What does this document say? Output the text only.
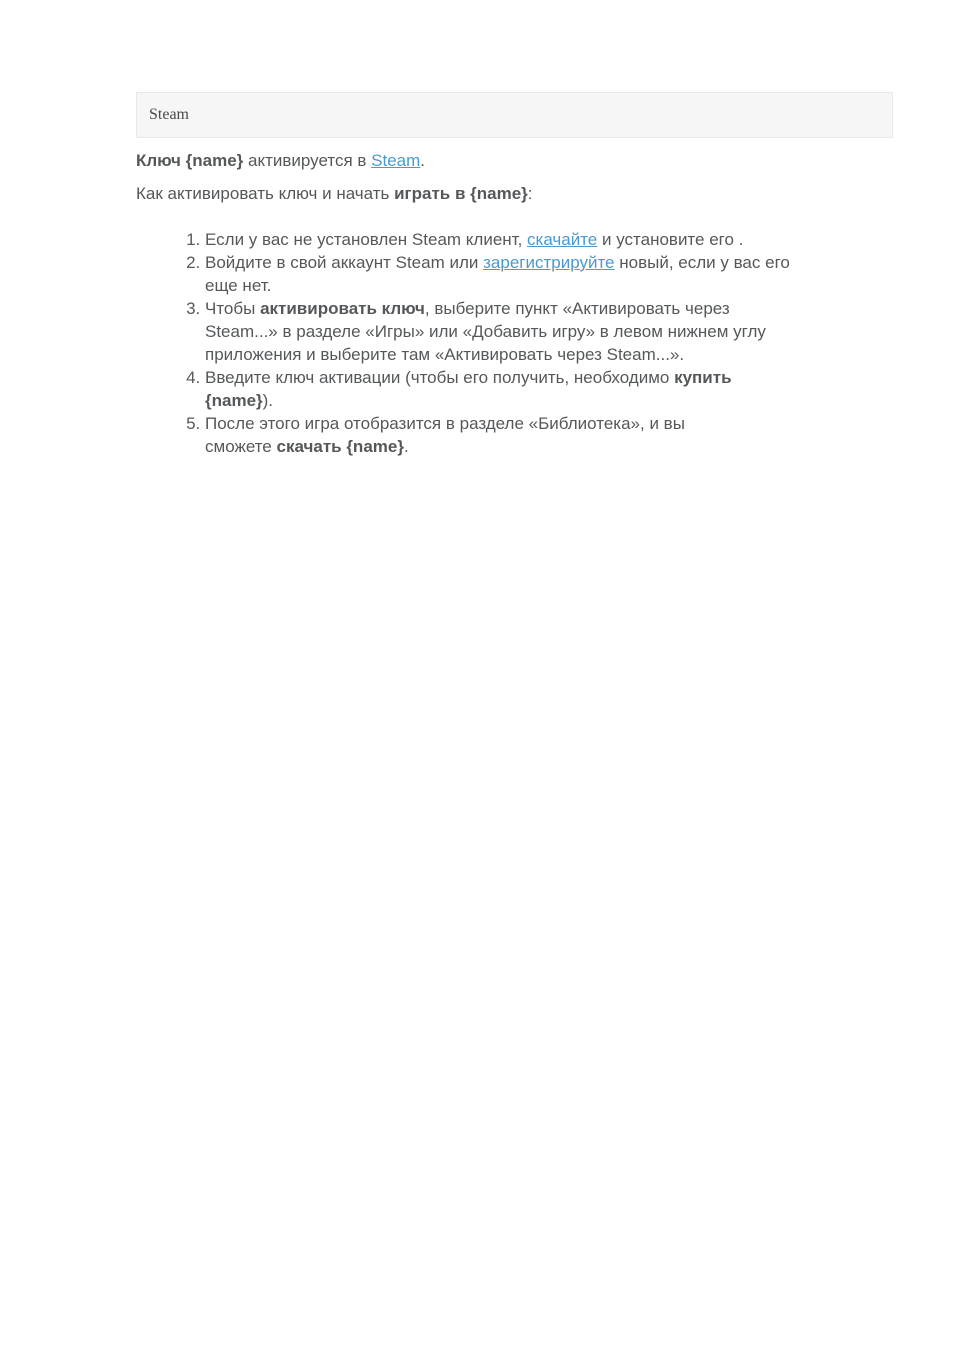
Steam

Ключ {name} активируется в Steam.

Как активировать ключ и начать играть в {name}:

1. Если у вас не установлен Steam клиент, скачайте и установите его .
2. Войдите в свой аккаунт Steam или зарегистрируйте новый, если у вас его
еще нет.
3. Чтобы активировать ключ, выберите пункт «Активировать через
Steam...» в разделе «Игры» или «Добавить игру» в левом нижнем углу
приложения и выберите там «Активировать через Steam...».
4. Введите ключ активации (чтобы его получить, необходимо купить
{name}).
5. После этого игра отобразится в разделе «Библиотека», и вы
сможете скачать {name}.
